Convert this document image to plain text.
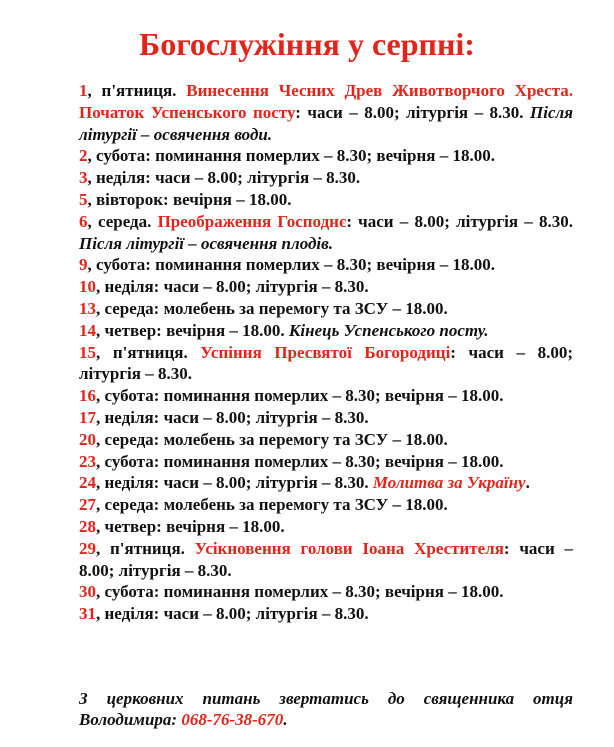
Богослужіння у серпні:
1, п'ятниця. Винесення Чесних Древ Животворчого Хреста. Початок Успенського посту: часи – 8.00; літургія – 8.30. Після літургії – освячення води.
2, субота: поминання померлих – 8.30; вечірня – 18.00.
3, неділя: часи – 8.00; літургія – 8.30.
5, вівторок: вечірня – 18.00.
6, середа. Преображення Господнє: часи – 8.00; літургія – 8.30. Після літургії – освячення плодів.
9, субота: поминання померлих – 8.30; вечірня – 18.00.
10, неділя: часи – 8.00; літургія – 8.30.
13, середа: молебень за перемогу та ЗСУ – 18.00.
14, четвер: вечірня – 18.00. Кінець Успенського посту.
15, п'ятниця. Успіння Пресвятої Богородиці: часи – 8.00; літургія – 8.30.
16, субота: поминання померлих – 8.30; вечірня – 18.00.
17, неділя: часи – 8.00; літургія – 8.30.
20, середа: молебень за перемогу та ЗСУ – 18.00.
23, субота: поминання померлих – 8.30; вечірня – 18.00.
24, неділя: часи – 8.00; літургія – 8.30. Молитва за Україну.
27, середа: молебень за перемогу та ЗСУ – 18.00.
28, четвер: вечірня – 18.00.
29, п'ятниця. Усікновення голови Іоана Хрестителя: часи – 8.00; літургія – 8.30.
30, субота: поминання померлих – 8.30; вечірня – 18.00.
31, неділя: часи – 8.00; літургія – 8.30.
З церковних питань звертатись до священника отця Володимира: 068-76-38-670.
